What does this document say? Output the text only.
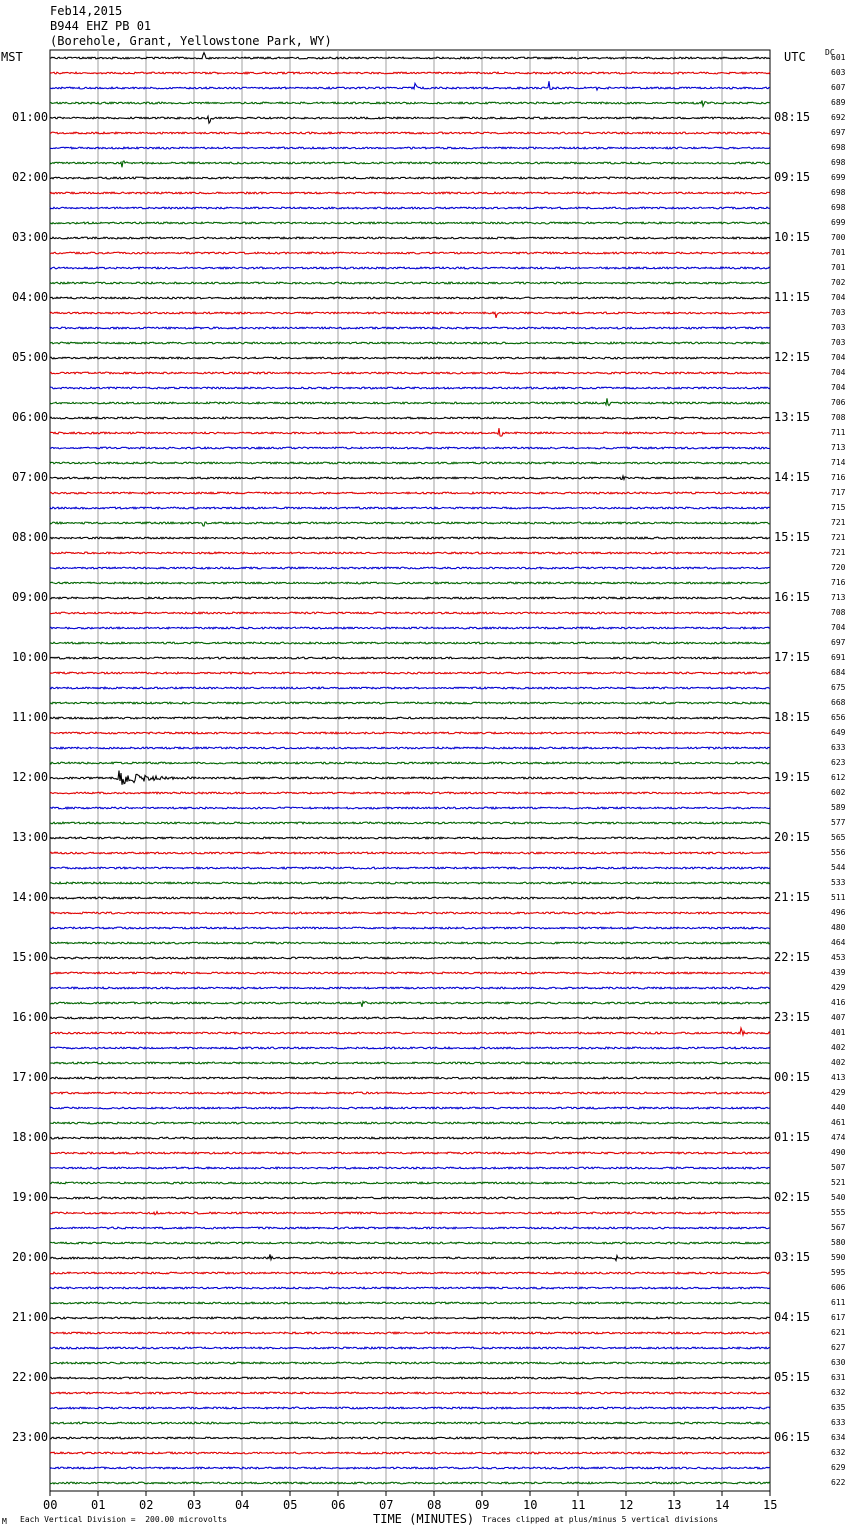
Feb14,2015
B944 EHZ PB 01
(Borehole, Grant, Yellowstone Park, WY)
MST	UTC DC
00	01	02	03	04	05	06	07	08	09	10	11	12	13	14	15
601
603
607
689
692
01:00	08:15
697
698
698
699
02:00	09:15
698
698
699
700
03:00	10:15
701
701
702
704
04:00	11:15
703
703
703
704
05:00	12:15
704
704
706
708
06:00	13:15
711
713
714
716
07:00	14:15
717
715
721
721
08:00	15:15
721
720
716
713
09:00	16:15
708
704
697
691
10:00	17:15
684
675
668
656
11:00	18:15
649
633
623
612
12:00	19:15
602
589
577
565
13:00	20:15
556
544
533
511
14:00	21:15
496
480
464
453
15:00	22:15
439
429
416
407
16:00	23:15
401
402
402
413
17:00	00:15
429
440
461
474
18:00	01:15
490
507
521
540
19:00	02:15
555
567
580
590
20:00	03:15
595
606
611
617
21:00	04:15
621
627
630
631
22:00	05:15
632
635
633
634
23:00	06:15
632
629
622
M Each Vertical Division =  200.00 microvolts	TIME (MINUTES) Traces clipped at plus/minus 5 vertical divisions
